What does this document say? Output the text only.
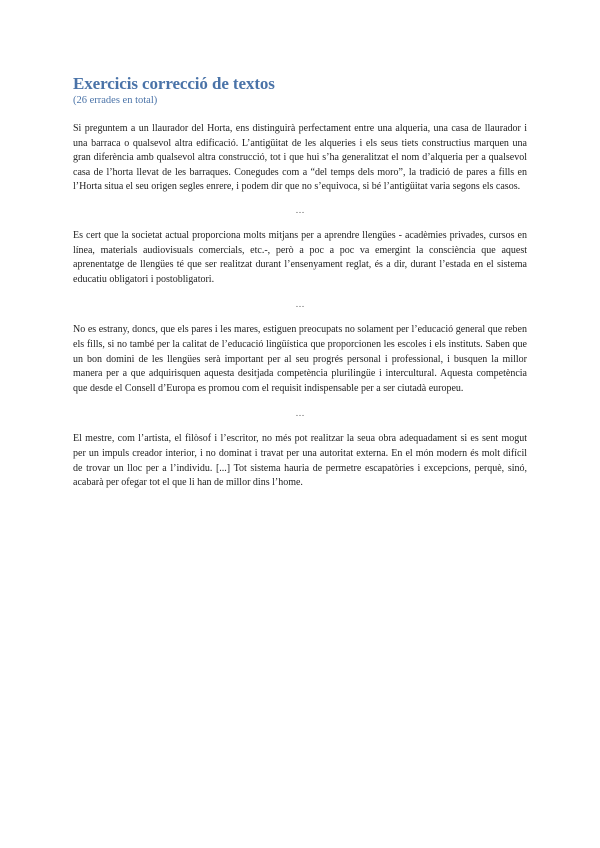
Exercicis correcció de textos
(26 errades en total)

Si preguntem a un llaurador del Horta, ens distinguirà perfectament entre una alqueria, una casa de llaurador i una barraca o qualsevol altra edificació. L’antigüitat de les alqueries i els seus tiets constructius marquen una gran diferència amb qualsevol altra construcció, tot i que hui s’ha generalitzat el nom d’alqueria per a qualsevol casa de l’horta llevat de les barraques. Conegudes com a “del temps dels moro”, la tradició de pares a fills en l’Horta situa el seu origen segles enrere, i podem dir que no s’equivoca, si bé l’antigüitat varia segons els casos.

…

Es cert que la societat actual proporciona molts mitjans per a aprendre llengües - acadèmies privades, cursos en línea, materials audiovisuals comercials, etc.-, però a poc a poc va emergint la consciència que aquest aprenentatge de llengües té que ser realitzat durant l’ensenyament reglat, és a dir, durant l’estada en el sistema educatiu obligatori i postobligatori.

…

No es estrany, doncs, que els pares i les mares, estiguen preocupats no solament per l’educació general que reben els fills, si no també per la calitat de l’educació lingüística que proporcionen les escoles i els instituts. Saben que un bon domini de les llengües serà important per al seu progrés personal i professional, i busquen la millor manera per a que adquirisquen aquesta desitjada competència plurilingüe i intercultural. Aquesta competència que desde el Consell d’Europa es promou com el requisit indispensable per a ser ciutadà europeu.

…

El mestre, com l’artista, el filòsof i l’escritor, no més pot realitzar la seua obra adequadament si es sent mogut per un impuls creador interior, i no dominat i travat per una autoritat externa. En el món modern és molt difícil de trovar un lloc per a l’individu. [...] Tot sistema hauria de permetre escapatòries i excepcions, perquè, sinó, acabarà per ofegar tot el que li han de millor dins l’home.
